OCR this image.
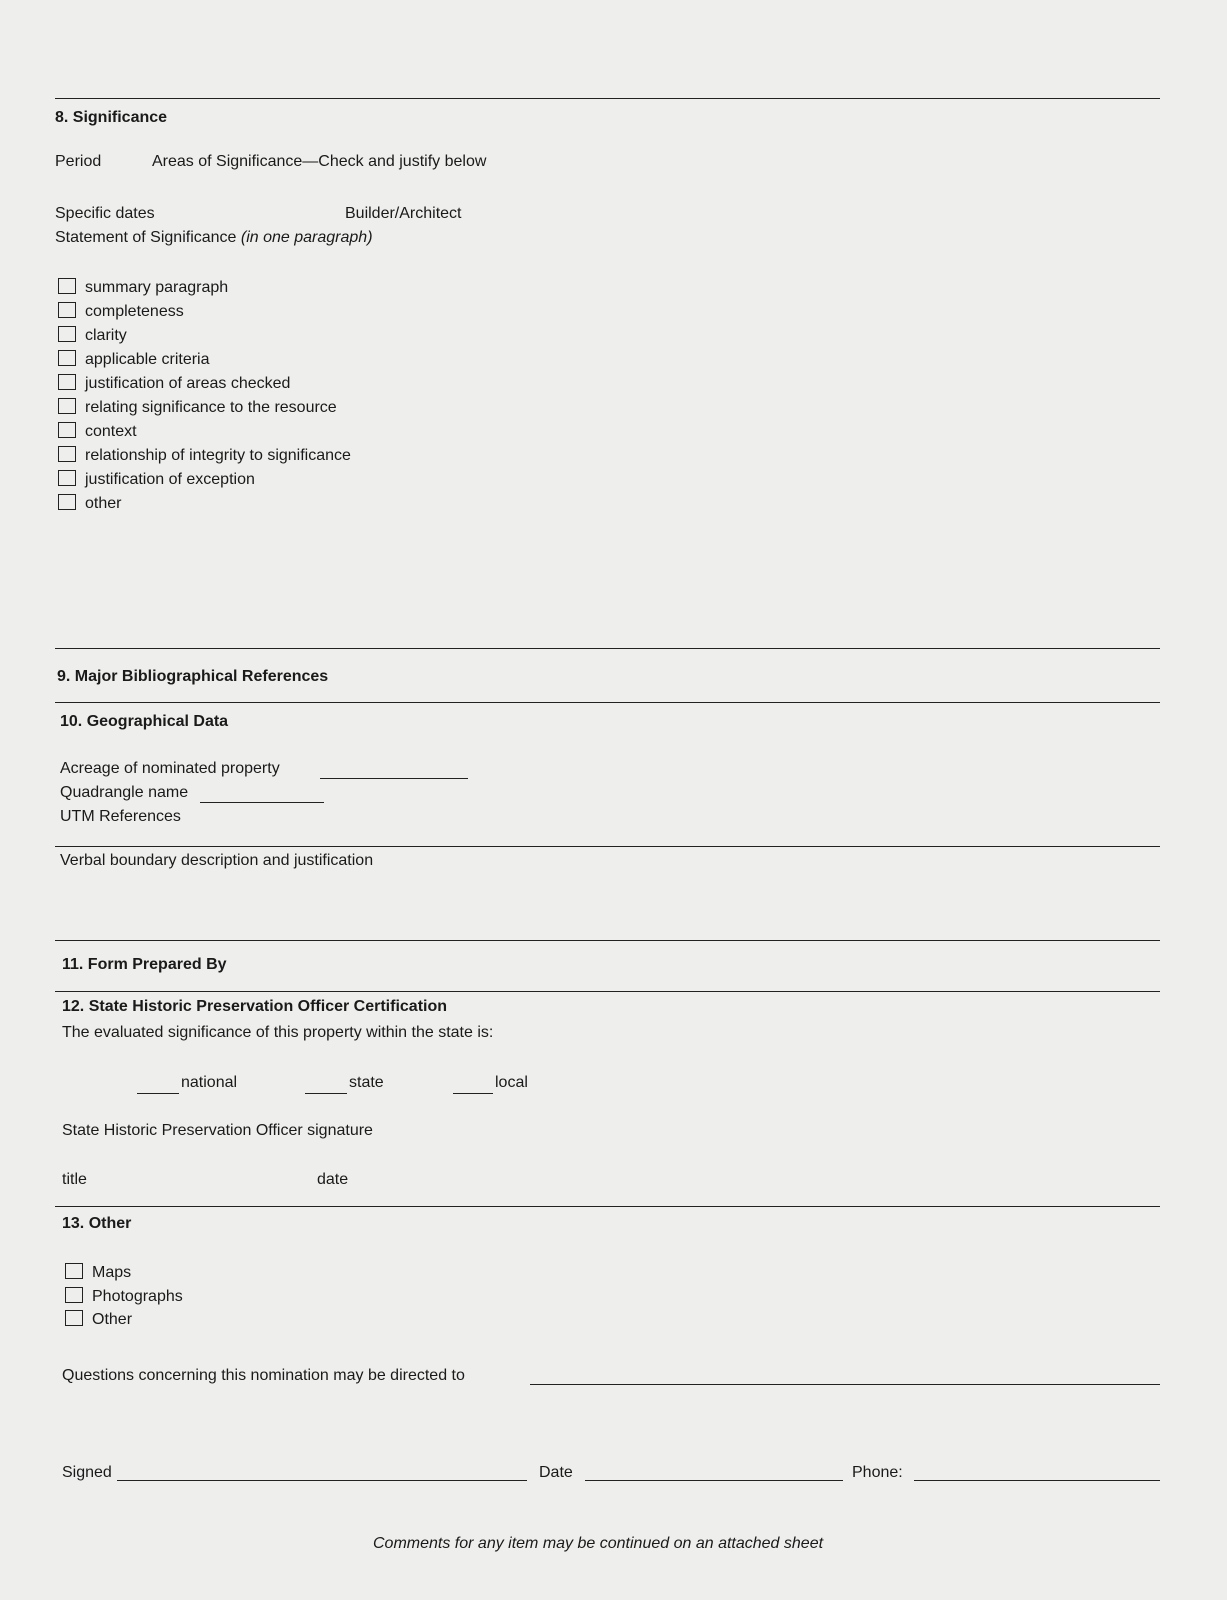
8. Significance
Period	Areas of Significance—Check and justify below
Specific dates	Builder/Architect
Statement of Significance (in one paragraph)
summary paragraph
completeness
clarity
applicable criteria
justification of areas checked
relating significance to the resource
context
relationship of integrity to significance
justification of exception
other
9. Major Bibliographical References
10. Geographical Data
Acreage of nominated property
Quadrangle name
UTM References
Verbal boundary description and justification
11. Form Prepared By
12. State Historic Preservation Officer Certification
The evaluated significance of this property within the state is:
national	state	local
State Historic Preservation Officer signature
title	date
13. Other
Maps
Photographs
Other
Questions concerning this nomination may be directed to
Signed	Date	Phone:
Comments for any item may be continued on an attached sheet
